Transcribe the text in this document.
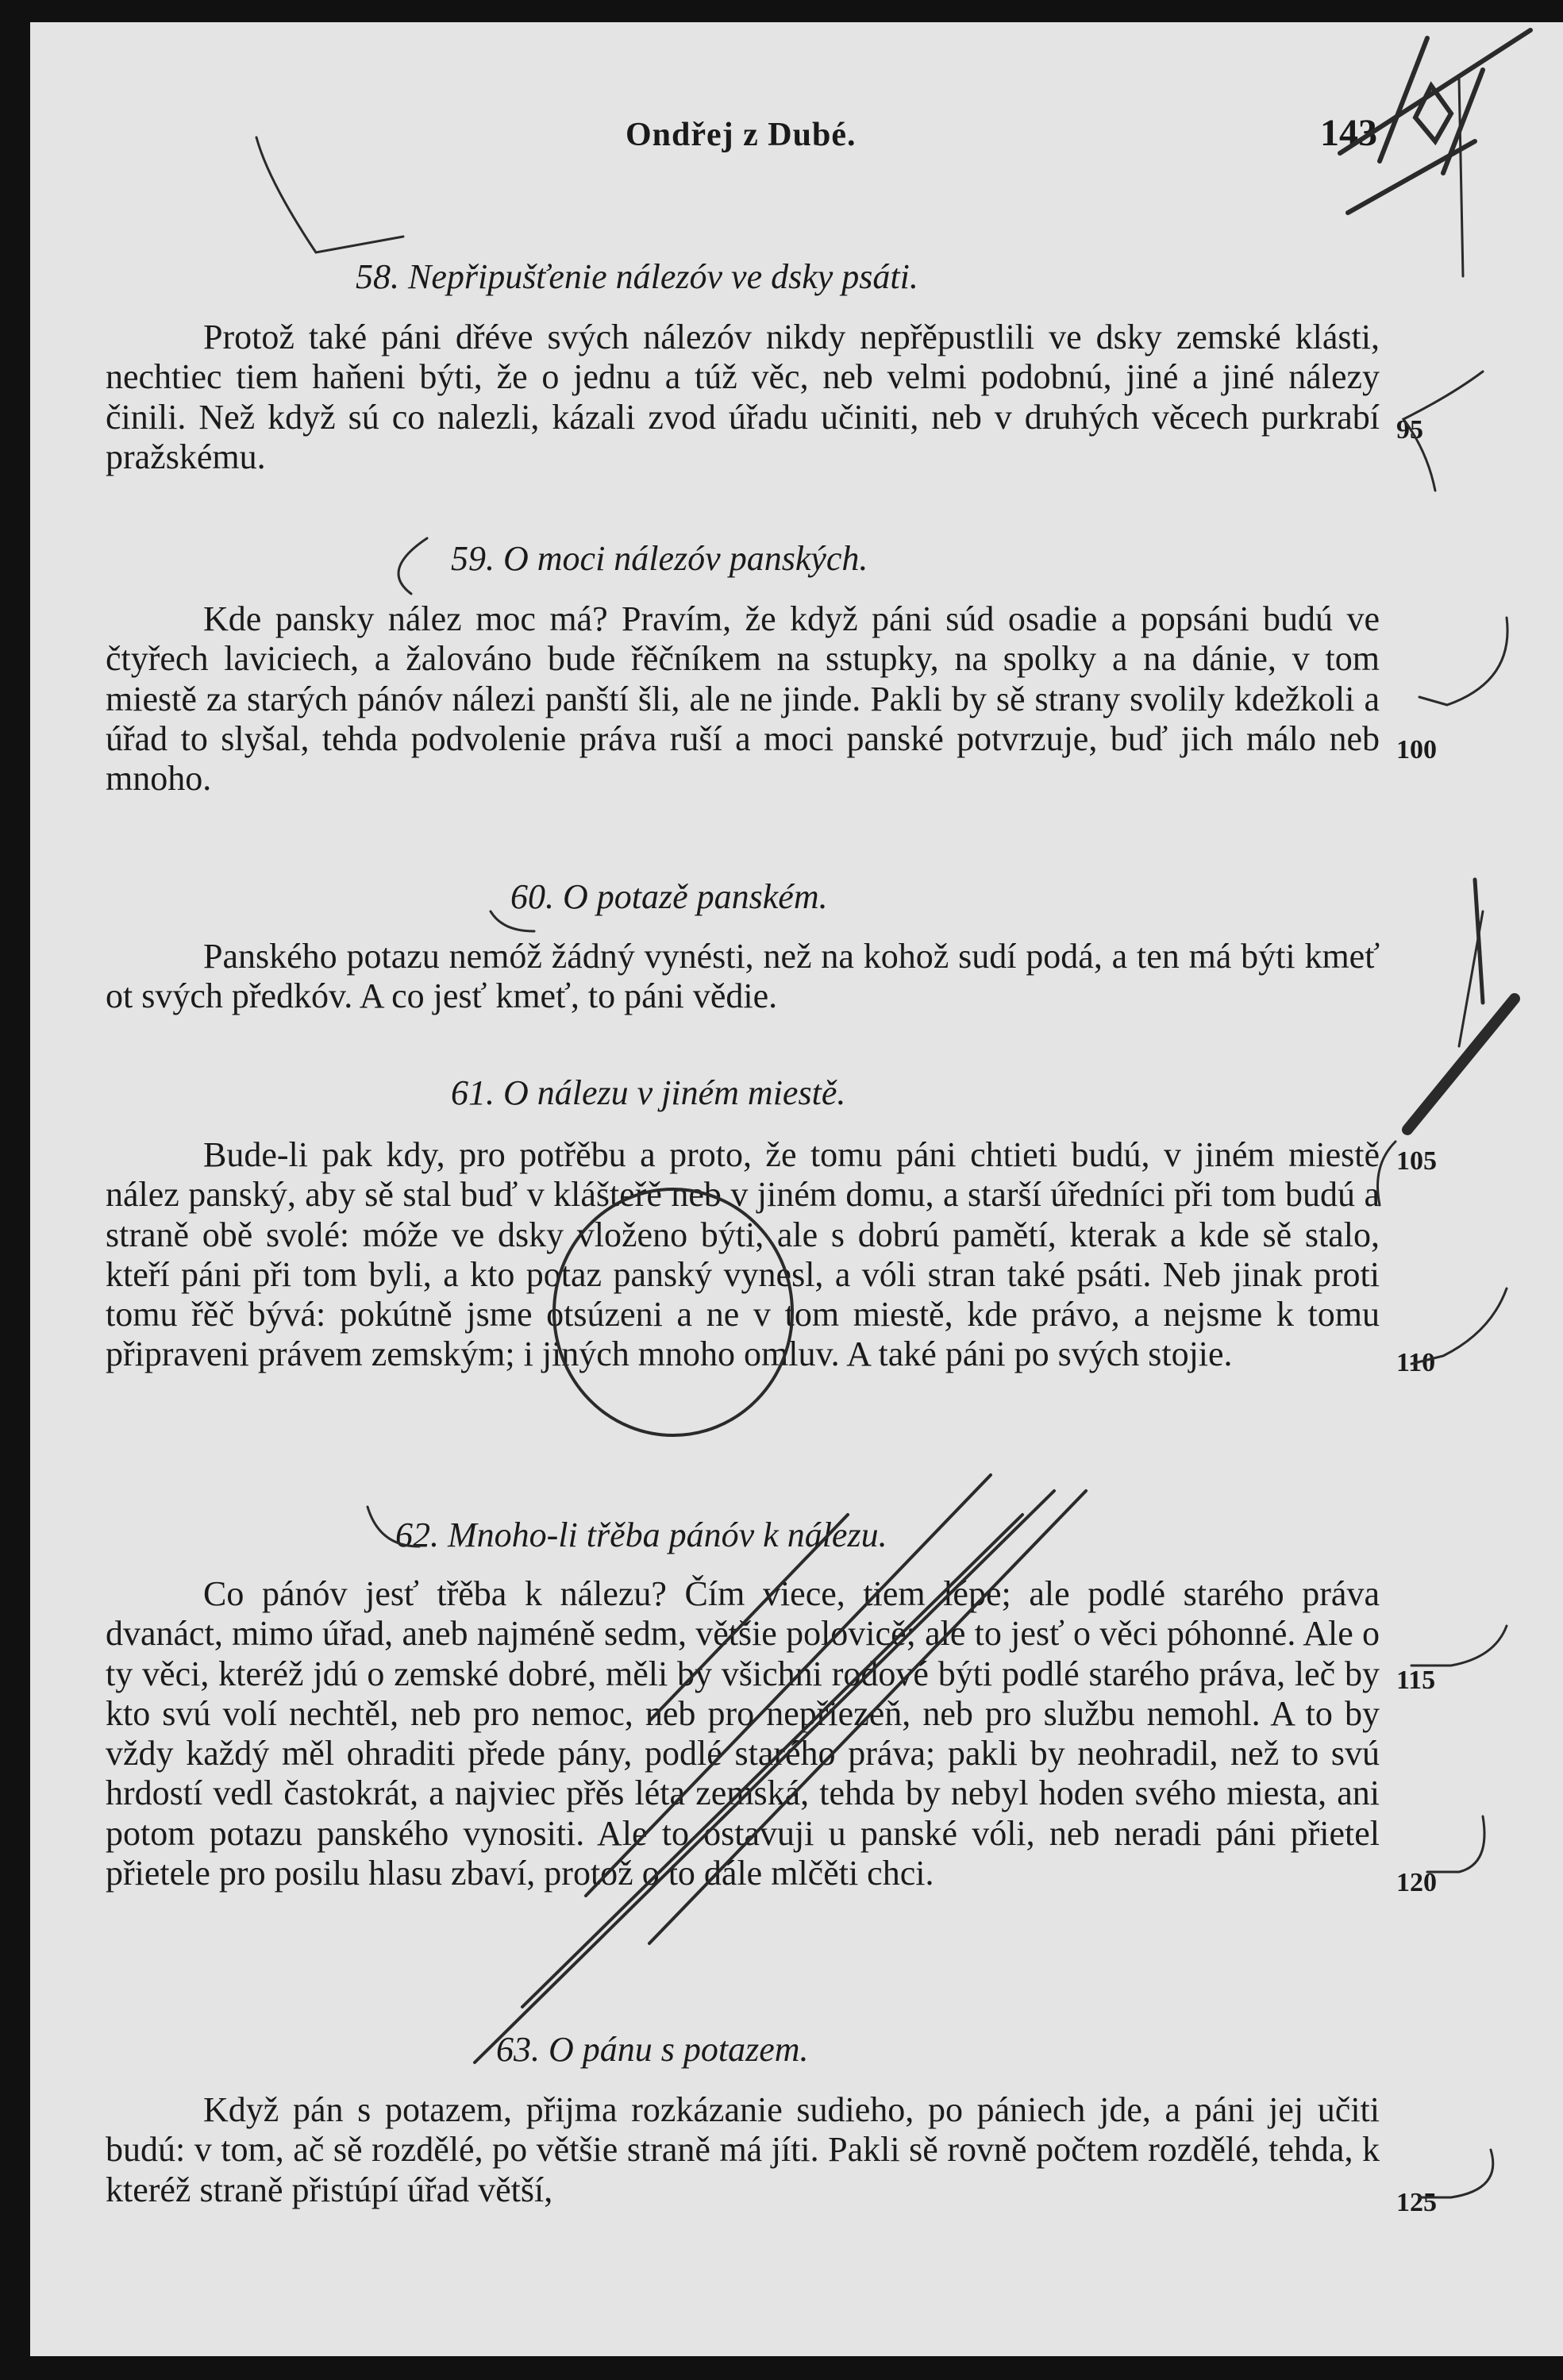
Ondřej z Dubé.	143
58. Nepřipušťenie nálezóv ve dsky psáti.

Protož také páni dřéve svých nálezóv nikdy nepřěpustlili ve dsky zemské klásti, nechtiec tiem haňeni býti, že o jednu a túž věc, neb velmi podobnú, jiné a jiné nálezy činili. Než když sú co nalezli, kázali zvod úřadu učiniti, neb v druhých věcech purkrabí pražskému.

59. O moci nálezóv panských.

Kde pansky nález moc má? Pravím, že když páni súd osadie a popsáni budú ve čtyřech laviciech, a žalováno bude řěčníkem na sstupky, na spolky a na dánie, v tom miestě za starých pánóv nálezi panští šli, ale ne jinde. Pakli by sě strany svolily kdežkoli a úřad to slyšal, tehda podvolenie práva ruší a moci panské potvrzuje, buď jich málo neb mnoho.

60. O potazě panském.

Panského potazu nemóž žádný vynésti, než na kohož sudí podá, a ten má býti kmeť ot svých předkóv. A co jesť kmeť, to páni vědie.

61. O nálezu v jiném miestě.

Bude-li pak kdy, pro potřěbu a proto, že tomu páni chtieti budú, v jiném miestě nález panský, aby sě stal buď v klášteřě neb v jiném domu, a starší úředníci při tom budú a straně obě svolé: móže ve dsky vloženo býti, ale s dobrú pamětí, kterak a kde sě stalo, kteří páni při tom byli, a kto potaz panský vynesl, a vóli stran také psáti. Neb jinak proti tomu řěč bývá: pokútně jsme otsúzeni a ne v tom miestě, kde právo, a nejsme k tomu připraveni právem zemským; i jiných mnoho omluv. A také páni po svých stojie.

62. Mnoho-li třěba pánóv k nálezu.

Co pánóv jesť třěba k nálezu? Čím viece, tiem lépe; ale podlé starého práva dvanáct, mimo úřad, aneb najméně sedm, většie polovicě; ale to jesť o věci póhonné. Ale o ty věci, kteréž jdú o zemské dobré, měli by všichni rodové býti podlé starého práva, leč by kto svú volí nechtěl, neb pro nemoc, neb pro nepřiezeň, neb pro službu nemohl. A to by vždy každý měl ohraditi přede pány, podlé starého práva; pakli by neohradil, než to svú hrdostí vedl častokrát, a najviec přěs léta zemská, tehda by nebyl hoden svého miesta, ani potom potazu panského vynositi. Ale to ostavuji u panské vóli, neb neradi páni přietel přietele pro posilu hlasu zbaví, protož o to dále mlčěti chci.

63. O pánu s potazem.

Když pán s potazem, přijma rozkázanie sudieho, po pániech jde, a páni jej učiti budú: v tom, ač sě rozdělé, po většie straně má jíti. Pakli sě rovně počtem rozdělé, tehda, k kteréž straně přistúpí úřad větší,

95
100
105
110
115
120
125
